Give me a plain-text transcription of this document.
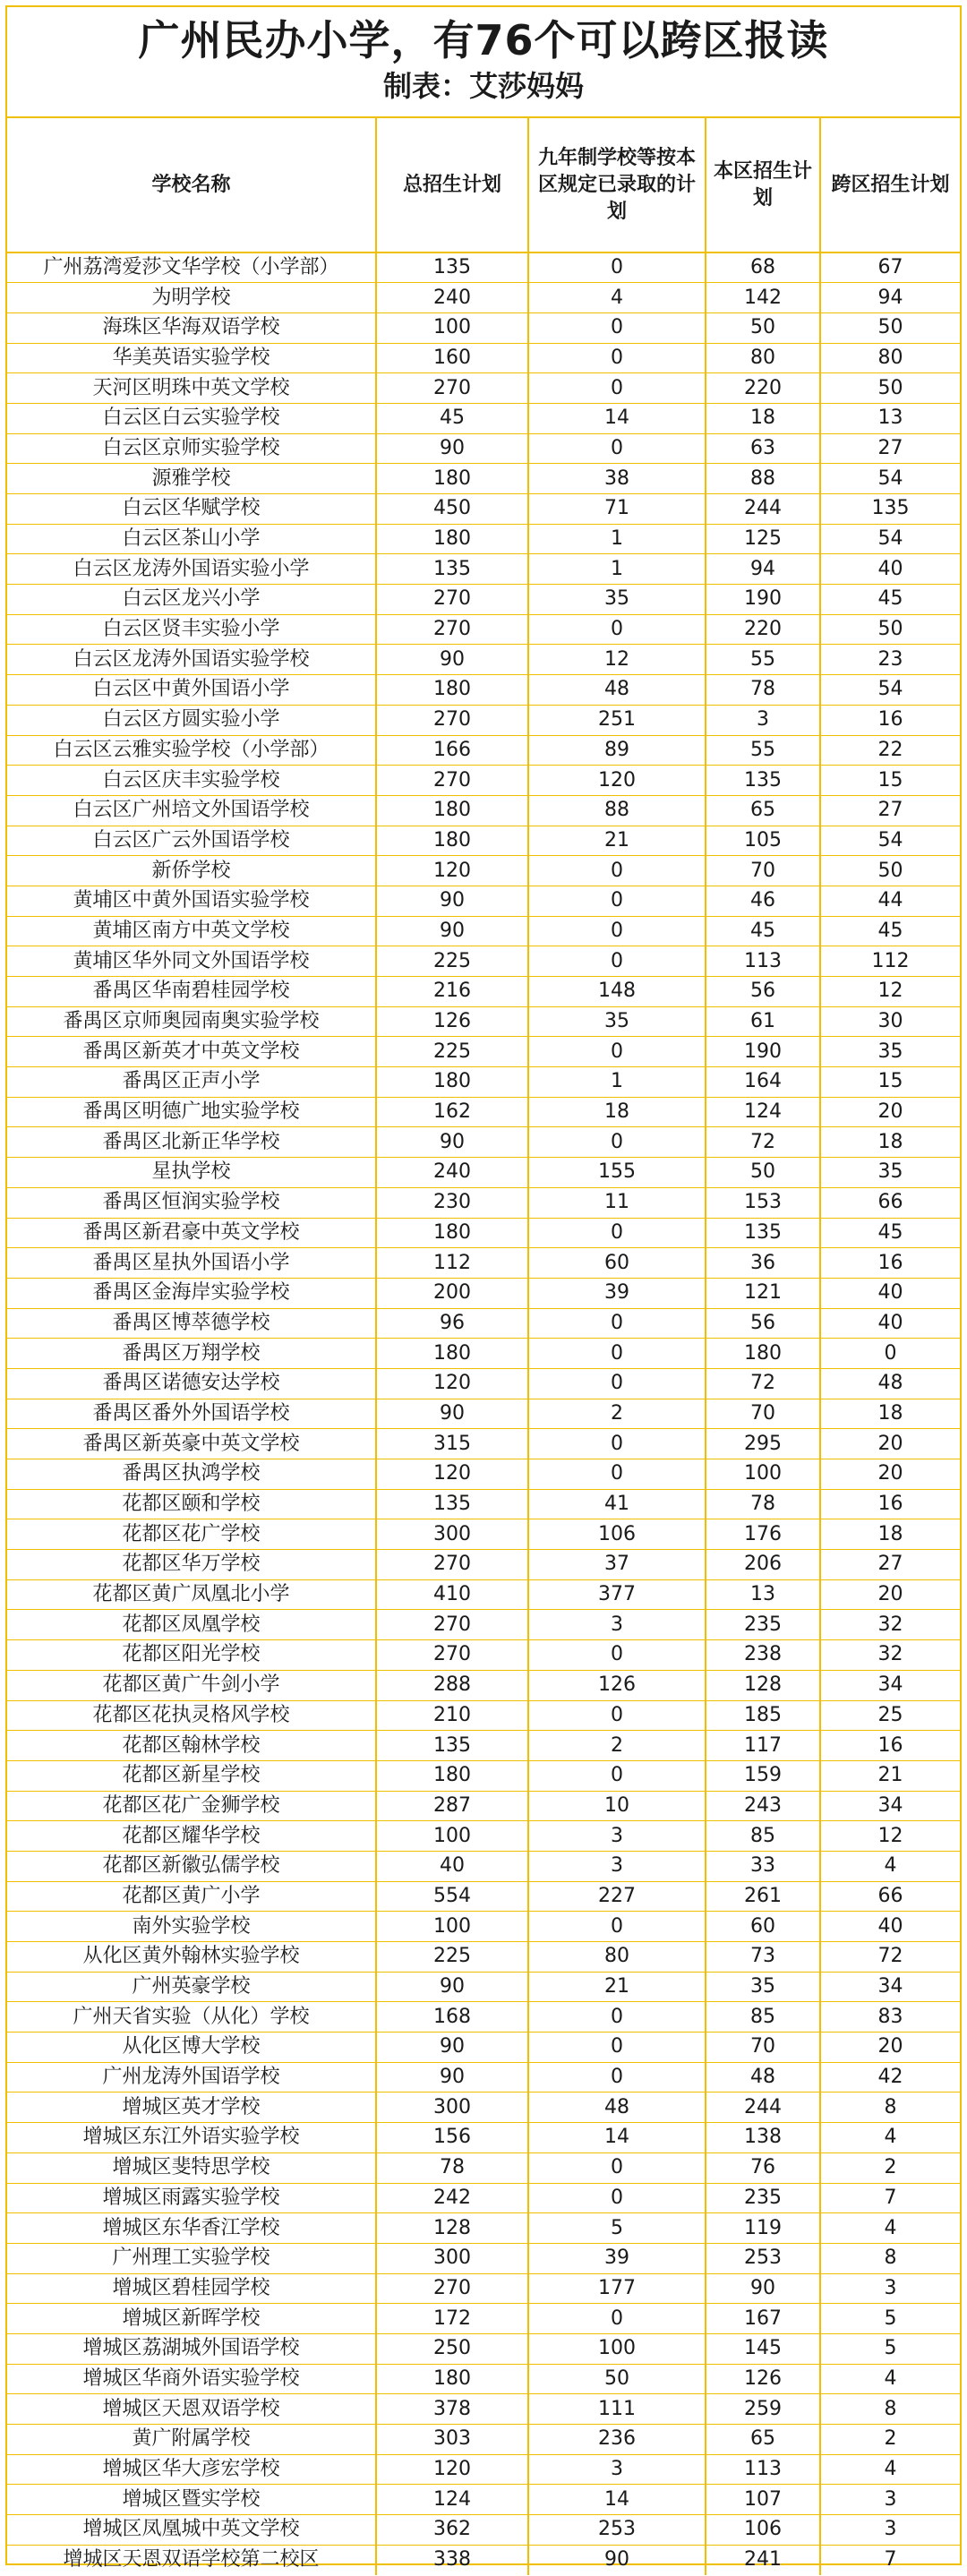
广州民办小学，有76个可以跨区报读
制表：艾莎妈妈
学校名称	总招生计划	九年制学校等按本区规定已录取的计划	本区招生计划	跨区招生计划
广州荔湾爱莎文华学校（小学部）	135	0	68	67
为明学校	240	4	142	94
海珠区华海双语学校	100	0	50	50
华美英语实验学校	160	0	80	80
天河区明珠中英文学校	270	0	220	50
白云区白云实验学校	45	14	18	13
白云区京师实验学校	90	0	63	27
源雅学校	180	38	88	54
白云区华赋学校	450	71	244	135
白云区茶山小学	180	1	125	54
白云区龙涛外国语实验小学	135	1	94	40
白云区龙兴小学	270	35	190	45
白云区贤丰实验小学	270	0	220	50
白云区龙涛外国语实验学校	90	12	55	23
白云区中黄外国语小学	180	48	78	54
白云区方圆实验小学	270	251	3	16
白云区云雅实验学校（小学部）	166	89	55	22
白云区庆丰实验学校	270	120	135	15
白云区广州培文外国语学校	180	88	65	27
白云区广云外国语学校	180	21	105	54
新侨学校	120	0	70	50
黄埔区中黄外国语实验学校	90	0	46	44
黄埔区南方中英文学校	90	0	45	45
黄埔区华外同文外国语学校	225	0	113	112
番禺区华南碧桂园学校	216	148	56	12
番禺区京师奥园南奥实验学校	126	35	61	30
番禺区新英才中英文学校	225	0	190	35
番禺区正声小学	180	1	164	15
番禺区明德广地实验学校	162	18	124	20
番禺区北新正华学校	90	0	72	18
星执学校	240	155	50	35
番禺区恒润实验学校	230	11	153	66
番禺区新君豪中英文学校	180	0	135	45
番禺区星执外国语小学	112	60	36	16
番禺区金海岸实验学校	200	39	121	40
番禺区博萃德学校	96	0	56	40
番禺区万翔学校	180	0	180	0
番禺区诺德安达学校	120	0	72	48
番禺区番外外国语学校	90	2	70	18
番禺区新英豪中英文学校	315	0	295	20
番禺区执鸿学校	120	0	100	20
花都区颐和学校	135	41	78	16
花都区花广学校	300	106	176	18
花都区华万学校	270	37	206	27
花都区黄广凤凰北小学	410	377	13	20
花都区凤凰学校	270	3	235	32
花都区阳光学校	270	0	238	32
花都区黄广牛剑小学	288	126	128	34
花都区花执灵格风学校	210	0	185	25
花都区翰林学校	135	2	117	16
花都区新星学校	180	0	159	21
花都区花广金狮学校	287	10	243	34
花都区耀华学校	100	3	85	12
花都区新徽弘儒学校	40	3	33	4
花都区黄广小学	554	227	261	66
南外实验学校	100	0	60	40
从化区黄外翰林实验学校	225	80	73	72
广州英豪学校	90	21	35	34
广州天省实验（从化）学校	168	0	85	83
从化区博大学校	90	0	70	20
广州龙涛外国语学校	90	0	48	42
增城区英才学校	300	48	244	8
增城区东江外语实验学校	156	14	138	4
增城区斐特思学校	78	0	76	2
增城区雨露实验学校	242	0	235	7
增城区东华香江学校	128	5	119	4
广州理工实验学校	300	39	253	8
增城区碧桂园学校	270	177	90	3
增城区新晖学校	172	0	167	5
增城区荔湖城外国语学校	250	100	145	5
增城区华商外语实验学校	180	50	126	4
增城区天恩双语学校	378	111	259	8
黄广附属学校	303	236	65	2
增城区华大彦宏学校	120	3	113	4
增城区暨实学校	124	14	107	3
增城区凤凰城中英文学校	362	253	106	3
增城区天恩双语学校第二校区	338	90	241	7
